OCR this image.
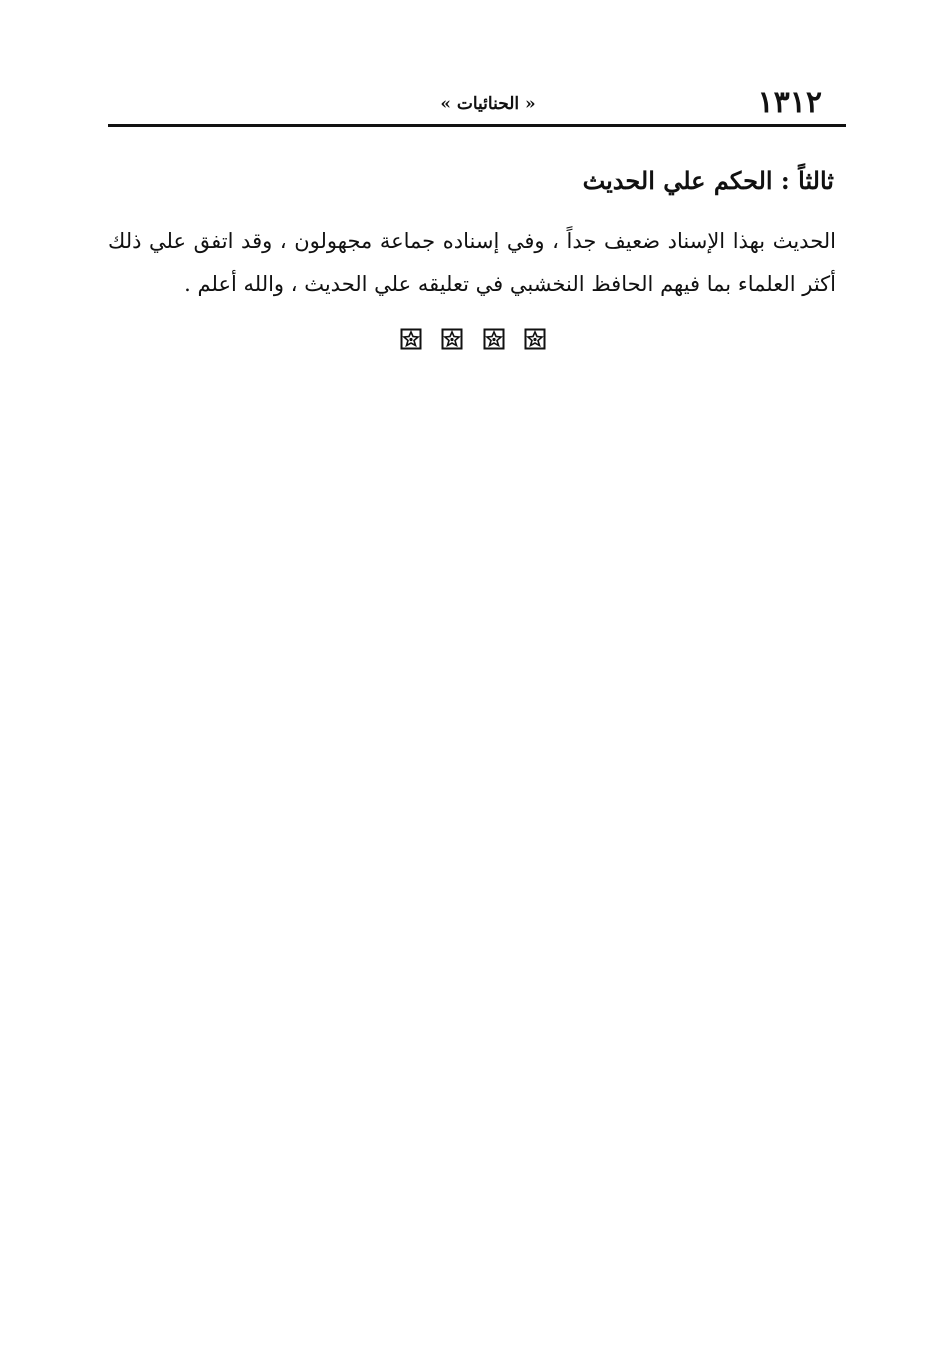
١٣١٢
« الحنائيات »
ثالثاً : الحكم علي الحديث

الحديث بهذا الإسناد ضعيف جداً ، وفي إسناده جماعة مجهولون ، وقد اتفق علي ذلك أكثر العلماء بما فيهم الحافظ النخشبي في تعليقه علي الحديث ، والله أعلم .
